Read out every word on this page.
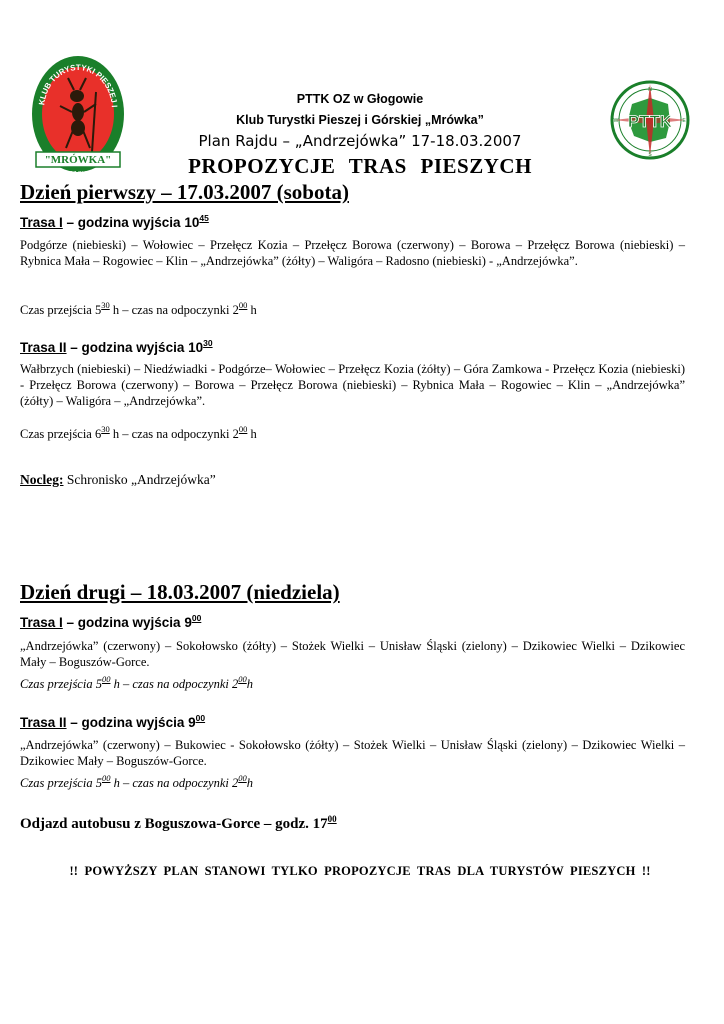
KLUB TURYSTYKI PIESZEJ I
"MRÓWKA"
PTTK OZ GŁOGÓW
PTTK
N
E
S
W
PTTK OZ w Głogowie
Klub Turystki Pieszej i Górskiej „Mrówka”
Plan Rajdu – „Andrzejówka” 17-18.03.2007
PROPOZYCJE TRAS PIESZYCH
Dzień pierwszy – 17.03.2007 (sobota)
Trasa I – godzina wyjścia $10^{45}$
Podgórze (niebieski) – Wołowiec – Przełęcz Kozia – Przełęcz Borowa (czerwony) – Borowa – Przełęcz Borowa (niebieski) – Rybnica Mała – Rogowiec – Klin – „Andrzejówka” (żółty) – Waligóra – Radosno (niebieski) - „Andrzejówka”.
Czas przejścia $5^{30}$ h – czas na odpoczynki $2^{00}$ h
Trasa II – godzina wyjścia $10^{30}$
Wałbrzych (niebieski) – Niedźwiadki - Podgórze– Wołowiec – Przełęcz Kozia (żółty) – Góra Zamkowa - Przełęcz Kozia (niebieski) - Przełęcz Borowa (czerwony) – Borowa – Przełęcz Borowa (niebieski) – Rybnica Mała – Rogowiec – Klin – „Andrzejówka” (żółty) – Waligóra – „Andrzejówka”.
Czas przejścia $6^{30}$ h – czas na odpoczynki $2^{00}$ h
Nocleg: Schronisko „Andrzejówka”
Dzień drugi – 18.03.2007 (niedziela)
Trasa I – godzina wyjścia $9^{00}$
„Andrzejówka” (czerwony) – Sokołowsko (żółty) – Stożek Wielki – Unisław Śląski (zielony) – Dzikowiec Wielki – Dzikowiec Mały – Boguszów-Gorce.
Czas przejścia $5^{00}$ h – czas na odpoczynki $2^{00}h$
Trasa II – godzina wyjścia $9^{00}$
„Andrzejówka” (czerwony) – Bukowiec - Sokołowsko (żółty) – Stożek Wielki – Unisław Śląski (zielony) – Dzikowiec Wielki – Dzikowiec Mały – Boguszów-Gorce.
Czas przejścia $5^{00}$ h – czas na odpoczynki $2^{00}h$
Odjazd autobusu z Boguszowa-Gorce – godz. $17^{00}$
!! POWYŻSZY PLAN STANOWI TYLKO PROPOZYCJE TRAS DLA TURYSTÓW PIESZYCH !!
